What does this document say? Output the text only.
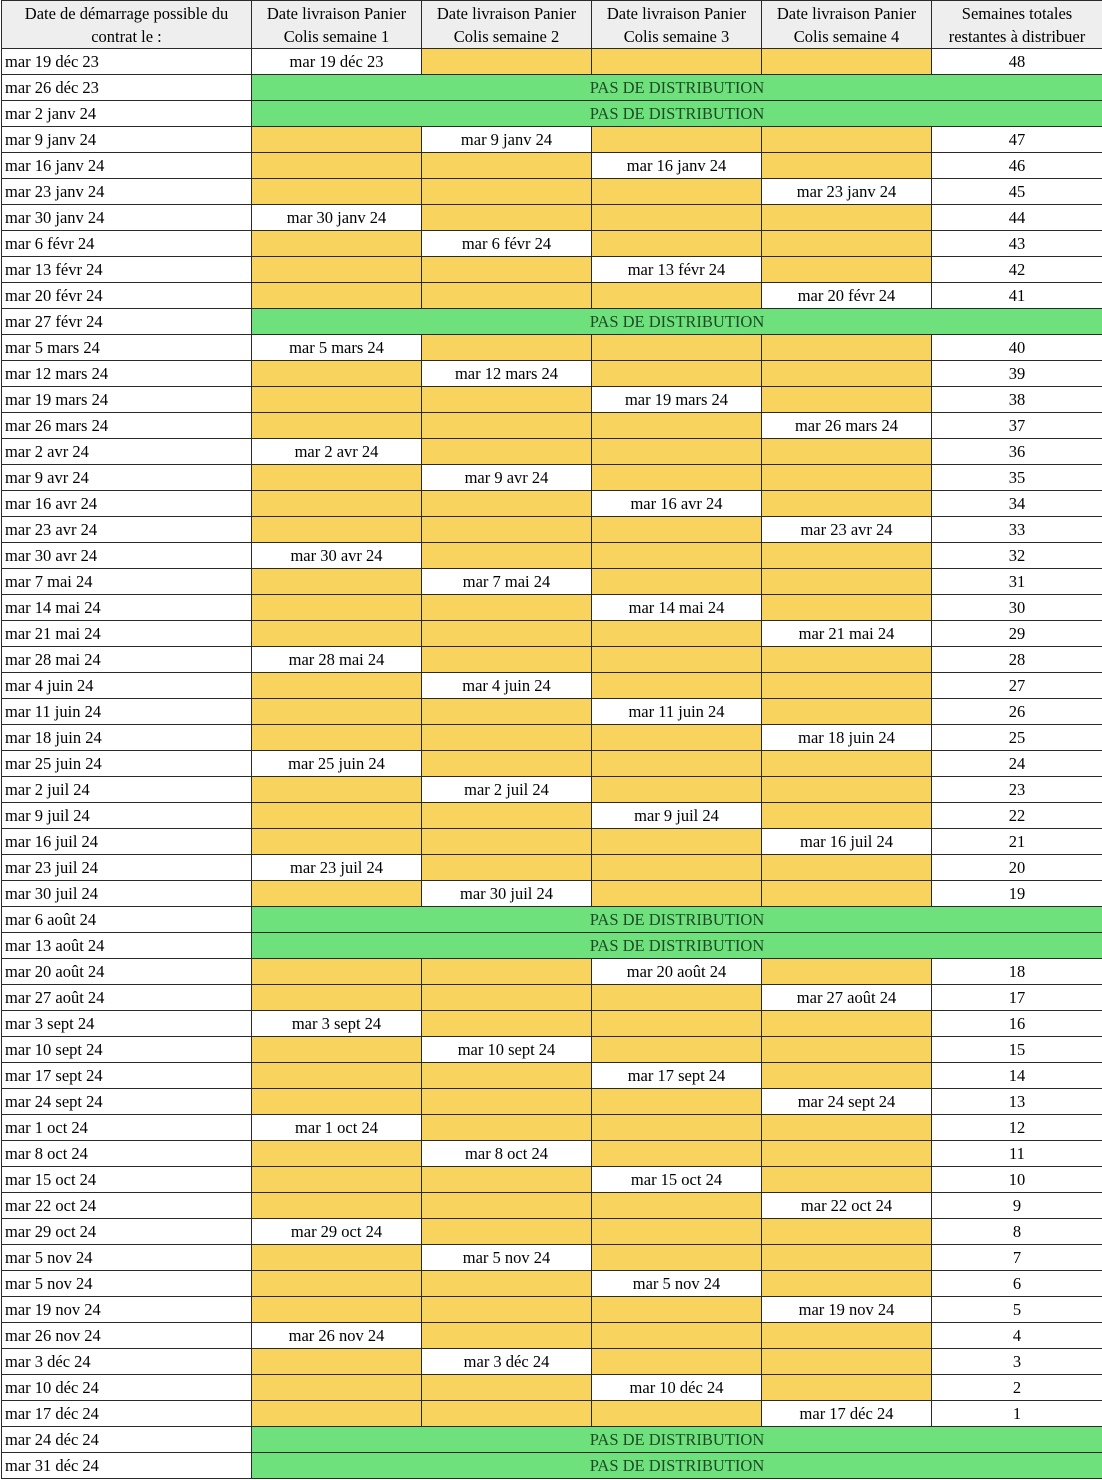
Date de démarrage possible du contrat le :	Date livraison Panier Colis semaine 1	Date livraison Panier Colis semaine 2	Date livraison Panier Colis semaine 3	Date livraison Panier Colis semaine 4	Semaines totales restantes à distribuer
mar 19 déc 23	mar 19 déc 23				48
mar 26 déc 23	PAS DE DISTRIBUTION				
mar 2 janv 24	PAS DE DISTRIBUTION				
mar 9 janv 24		mar 9 janv 24			47
mar 16 janv 24			mar 16 janv 24		46
mar 23 janv 24				mar 23 janv 24	45
mar 30 janv 24	mar 30 janv 24				44
mar 6 févr 24		mar 6 févr 24			43
mar 13 févr 24			mar 13 févr 24		42
mar 20 févr 24				mar 20 févr 24	41
mar 27 févr 24	PAS DE DISTRIBUTION				
mar 5 mars 24	mar 5 mars 24				40
mar 12 mars 24		mar 12 mars 24			39
mar 19 mars 24			mar 19 mars 24		38
mar 26 mars 24				mar 26 mars 24	37
mar 2 avr 24	mar 2 avr 24				36
mar 9 avr 24		mar 9 avr 24			35
mar 16 avr 24			mar 16 avr 24		34
mar 23 avr 24				mar 23 avr 24	33
mar 30 avr 24	mar 30 avr 24				32
mar 7 mai 24		mar 7 mai 24			31
mar 14 mai 24			mar 14 mai 24		30
mar 21 mai 24				mar 21 mai 24	29
mar 28 mai 24	mar 28 mai 24				28
mar 4 juin 24		mar 4 juin 24			27
mar 11 juin 24			mar 11 juin 24		26
mar 18 juin 24				mar 18 juin 24	25
mar 25 juin 24	mar 25 juin 24				24
mar 2 juil 24		mar 2 juil 24			23
mar 9 juil 24			mar 9 juil 24		22
mar 16 juil 24				mar 16 juil 24	21
mar 23 juil 24	mar 23 juil 24				20
mar 30 juil 24		mar 30 juil 24			19
mar 6 août 24	PAS DE DISTRIBUTION				
mar 13 août 24	PAS DE DISTRIBUTION				
mar 20 août 24			mar 20 août 24		18
mar 27 août 24				mar 27 août 24	17
mar 3 sept 24	mar 3 sept 24				16
mar 10 sept 24		mar 10 sept 24			15
mar 17 sept 24			mar 17 sept 24		14
mar 24 sept 24				mar 24 sept 24	13
mar 1 oct 24	mar 1 oct 24				12
mar 8 oct 24		mar 8 oct 24			11
mar 15 oct 24			mar 15 oct 24		10
mar 22 oct 24				mar 22 oct 24	9
mar 29 oct 24	mar 29 oct 24				8
mar 5 nov 24		mar 5 nov 24			7
mar 5 nov 24			mar 5 nov 24		6
mar 19 nov 24				mar 19 nov 24	5
mar 26 nov 24	mar 26 nov 24				4
mar 3 déc 24		mar 3 déc 24			3
mar 10 déc 24			mar 10 déc 24		2
mar 17 déc 24				mar 17 déc 24	1
mar 24 déc 24	PAS DE DISTRIBUTION				
mar 31 déc 24	PAS DE DISTRIBUTION				
